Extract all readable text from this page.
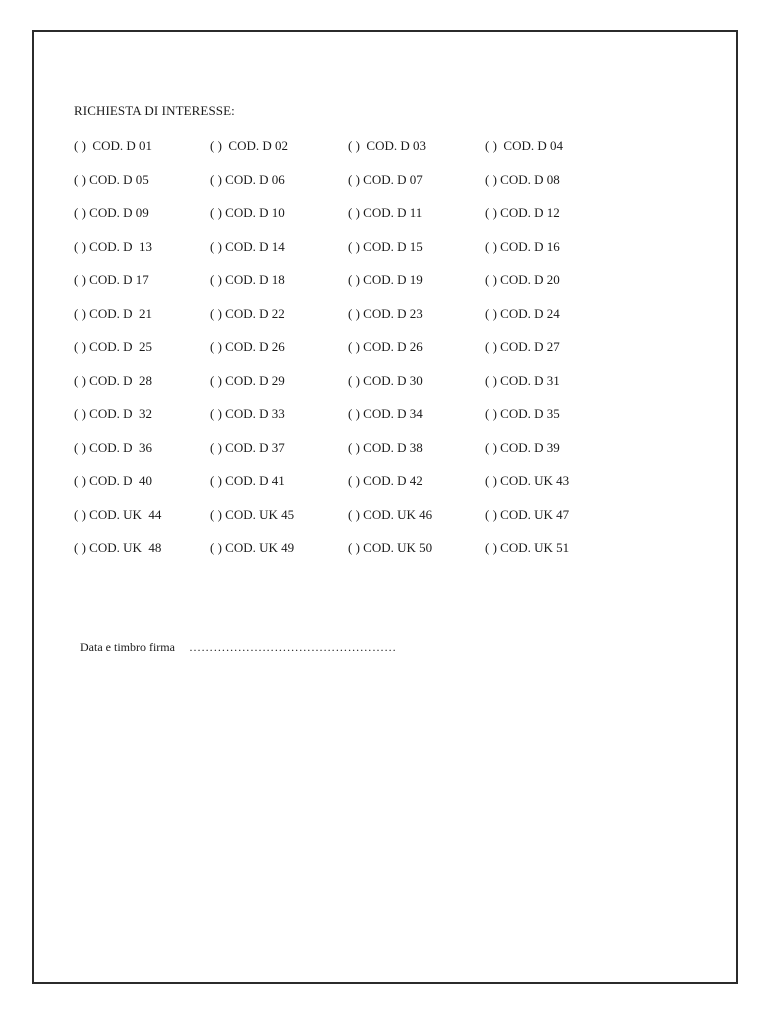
RICHIESTA DI INTERESSE:
( )  COD. D 01	( )  COD. D 02	( )  COD. D 03	( )  COD. D 04
( ) COD. D 05	( ) COD. D 06	( ) COD. D 07	( ) COD. D 08
( ) COD. D 09	( ) COD. D 10	( ) COD. D 11	( ) COD. D 12
( ) COD. D  13	( ) COD. D 14	( ) COD. D 15	( ) COD. D 16
( ) COD. D 17	( ) COD. D 18	( ) COD. D 19	( ) COD. D 20
( ) COD. D  21	( ) COD. D 22	( ) COD. D 23	( ) COD. D 24
( ) COD. D  25	( ) COD. D 26	( ) COD. D 26	( ) COD. D 27
( ) COD. D  28	( ) COD. D 29	( ) COD. D 30	( ) COD. D 31
( ) COD. D  32	( ) COD. D 33	( ) COD. D 34	( ) COD. D 35
( ) COD. D  36	( ) COD. D 37	( ) COD. D 38	( ) COD. D 39
( ) COD. D  40	( ) COD. D 41	( ) COD. D 42	( ) COD. UK 43
( ) COD. UK  44	( ) COD. UK 45	( ) COD. UK 46	( ) COD. UK 47
( ) COD. UK  48	( ) COD. UK 49	( ) COD. UK 50	( ) COD. UK 51

Data e timbro firma ……………………………………………
